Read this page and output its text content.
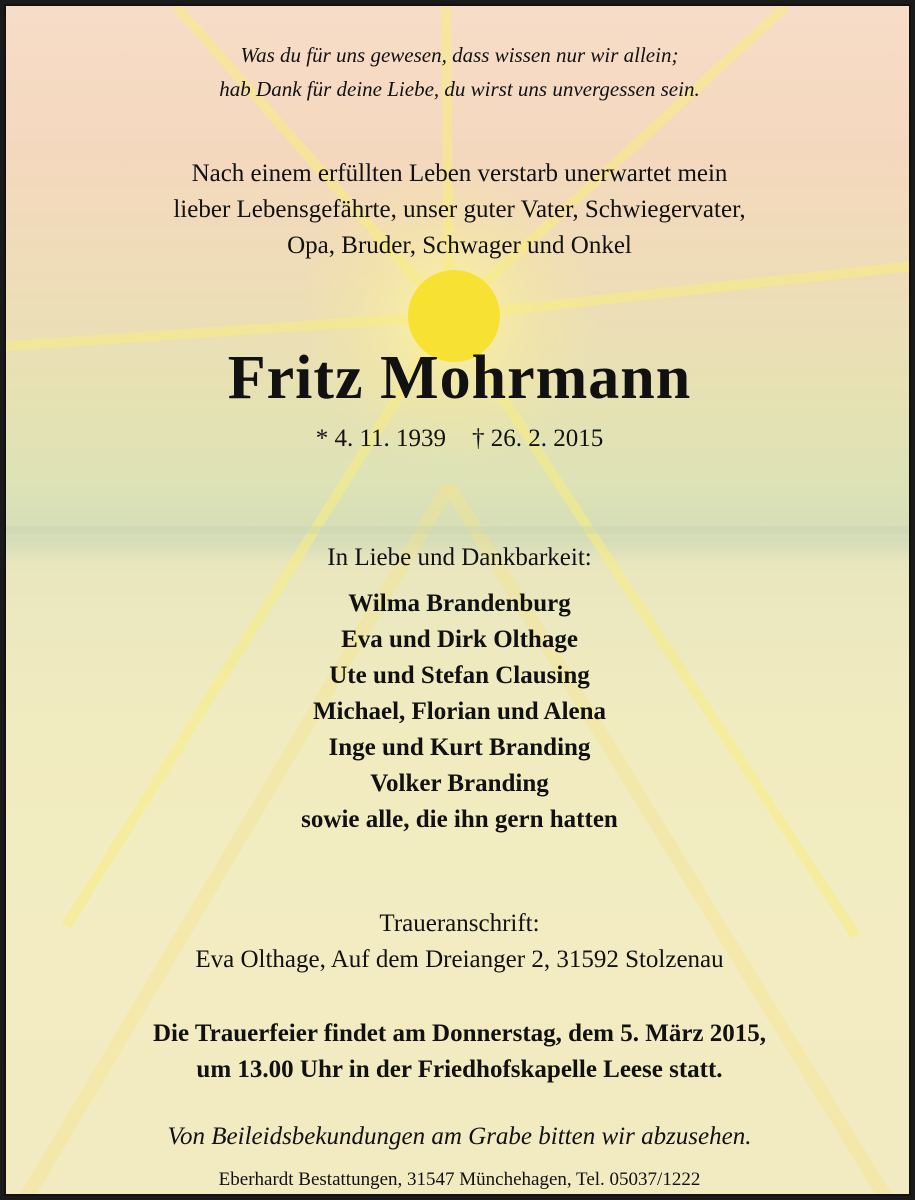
Was du für uns gewesen, dass wissen nur wir allein;
hab Dank für deine Liebe, du wirst uns unvergessen sein.
Nach einem erfüllten Leben verstarb unerwartet mein
lieber Lebensgefährte, unser guter Vater, Schwiegervater,
Opa, Bruder, Schwager und Onkel
Fritz Mohrmann
* 4. 11. 1939 † 26. 2. 2015
In Liebe und Dankbarkeit:
Wilma Brandenburg
Eva und Dirk Olthage
Ute und Stefan Clausing
Michael, Florian und Alena
Inge und Kurt Branding
Volker Branding
sowie alle, die ihn gern hatten
Traueranschrift:
Eva Olthage, Auf dem Dreianger 2, 31592 Stolzenau
Die Trauerfeier findet am Donnerstag, dem 5. März 2015,
um 13.00 Uhr in der Friedhofskapelle Leese statt.
Von Beileidsbekundungen am Grabe bitten wir abzusehen.
Eberhardt Bestattungen, 31547 Münchehagen, Tel. 05037/1222
